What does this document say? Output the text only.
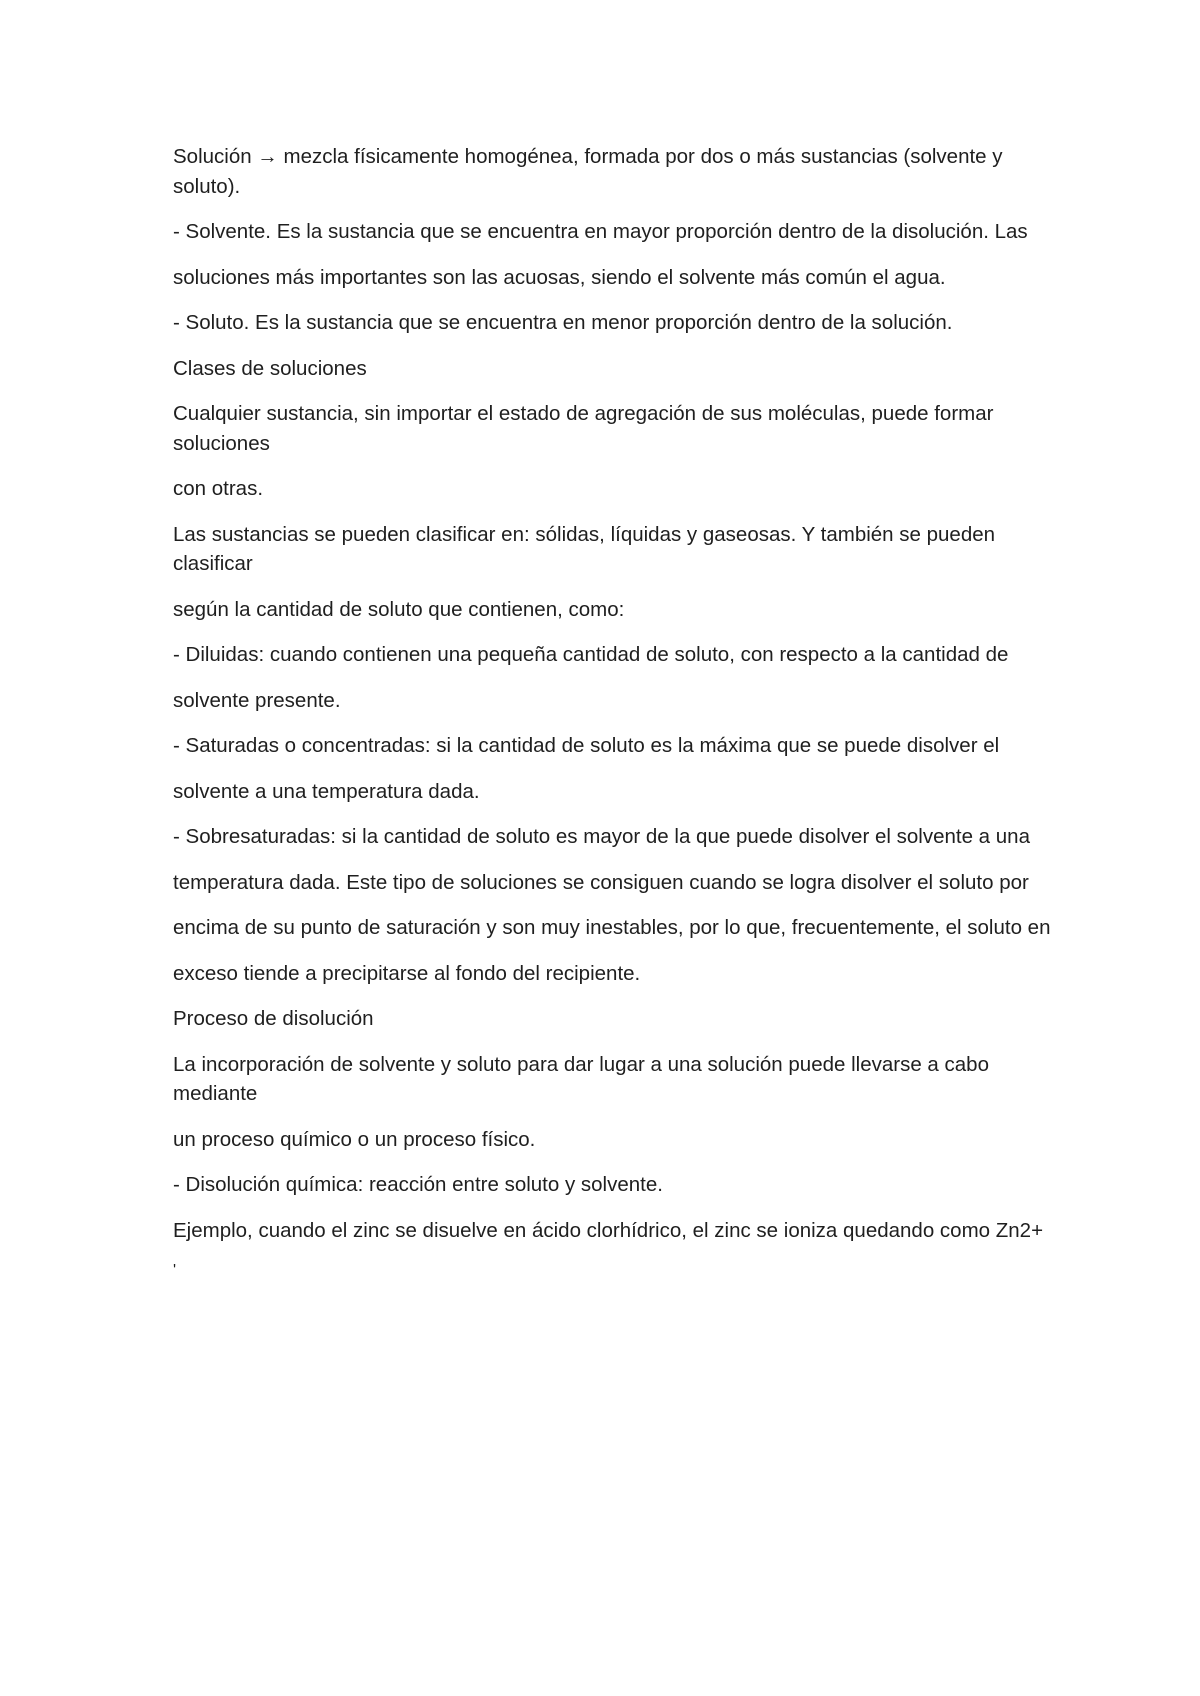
Solución → mezcla físicamente homogénea, formada por dos o más sustancias (solvente y soluto).

- Solvente. Es la sustancia que se encuentra en mayor proporción dentro de la disolución. Las

soluciones más importantes son las acuosas, siendo el solvente más común el agua.

- Soluto. Es la sustancia que se encuentra en menor proporción dentro de la solución.

Clases de soluciones

Cualquier sustancia, sin importar el estado de agregación de sus moléculas, puede formar soluciones

con otras.

Las sustancias se pueden clasificar en: sólidas, líquidas y gaseosas. Y también se pueden clasificar

según la cantidad de soluto que contienen, como:

- Diluidas: cuando contienen una pequeña cantidad de soluto, con respecto a la cantidad de

solvente presente.

- Saturadas o concentradas: si la cantidad de soluto es la máxima que se puede disolver el

solvente a una temperatura dada.

- Sobresaturadas: si la cantidad de soluto es mayor de la que puede disolver el solvente a una

temperatura dada. Este tipo de soluciones se consiguen cuando se logra disolver el soluto por

encima de su punto de saturación y son muy inestables, por lo que, frecuentemente, el soluto en

exceso tiende a precipitarse al fondo del recipiente.

Proceso de disolución

La incorporación de solvente y soluto para dar lugar a una solución puede llevarse a cabo mediante

un proceso químico o un proceso físico.

- Disolución química: reacción entre soluto y solvente.

Ejemplo, cuando el zinc se disuelve en ácido clorhídrico, el zinc se ioniza quedando como Zn2+

'
